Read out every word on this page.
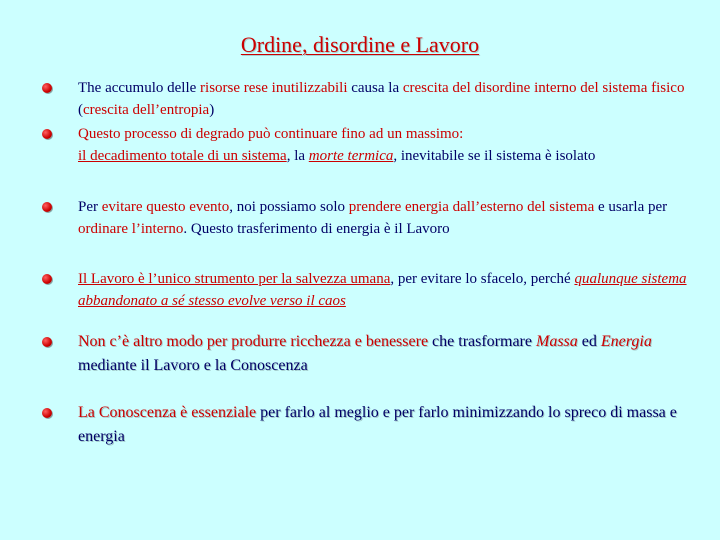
Ordine, disordine e Lavoro
The accumulo delle risorse rese inutilizzabili causa la crescita del disordine interno del sistema fisico (crescita dell’entropia)
Questo processo di degrado può continuare fino ad un massimo:
il decadimento totale di un sistema, la morte termica, inevitabile se il sistema è isolato
Per evitare questo evento, noi possiamo solo prendere energia dall’esterno del sistema e usarla per ordinare l’interno. Questo trasferimento di energia è il Lavoro
Il Lavoro è l’unico strumento per la salvezza umana, per evitare lo sfacelo, perché qualunque sistema abbandonato a sé stesso evolve verso il caos
Non c’è altro modo per produrre ricchezza e benessere che trasformare Massa ed Energia mediante il Lavoro e la Conoscenza
La Conoscenza è essenziale per farlo al meglio e per farlo minimizzando lo spreco di massa e energia
